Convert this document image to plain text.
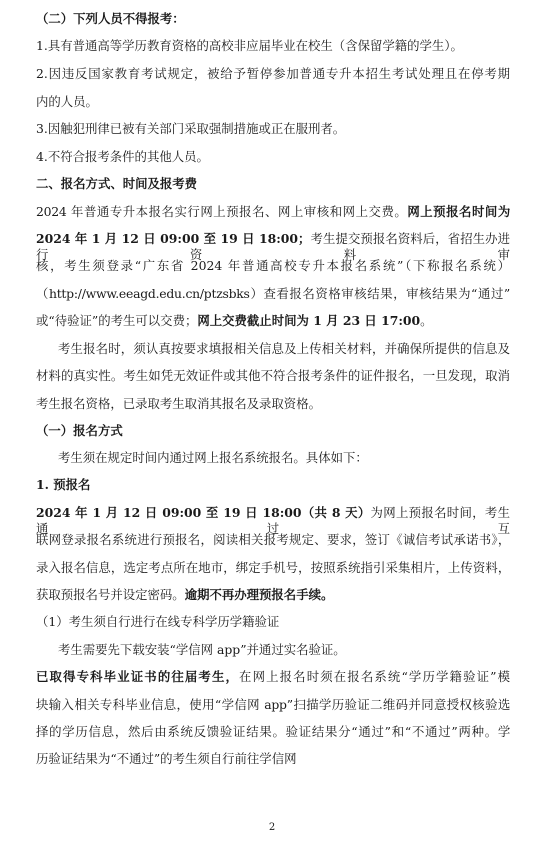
（二）下列人员不得报考：
1.具有普通高等学历教育资格的高校非应届毕业在校生（含保留学籍的学生）。
2.因违反国家教育考试规定，被给予暂停参加普通专升本招生考试处理且在停考期
内的人员。
3.因触犯刑律已被有关部门采取强制措施或正在服刑者。
4.不符合报考条件的其他人员。
二、报名方式、时间及报考费
2024 年普通专升本报名实行网上预报名、网上审核和网上交费。网上预报名时间为
2024 年 1 月 12 日 09:00 至 19 日 18:00；考生提交预报名资料后，省招生办进行资料审
核，考生须登录“广东省 2024 年普通高校专升本报名系统”（下称报名系统）
（http://www.eeagd.edu.cn/ptzsbks）查看报名资格审核结果，审核结果为“通过”
或“待验证”的考生可以交费；网上交费截止时间为 1 月 23 日 17:00。
考生报名时，须认真按要求填报相关信息及上传相关材料，并确保所提供的信息及
材料的真实性。考生如凭无效证件或其他不符合报考条件的证件报名，一旦发现，取消
考生报名资格，已录取考生取消其报名及录取资格。
（一）报名方式
考生须在规定时间内通过网上报名系统报名。具体如下：
1. 预报名
2024 年 1 月 12 日 09:00 至 19 日 18:00（共 8 天）为网上预报名时间，考生通过互
联网登录报名系统进行预报名，阅读相关报考规定、要求，签订《诚信考试承诺书》，
录入报名信息，选定考点所在地市，绑定手机号，按照系统指引采集相片，上传资料，
获取预报名号并设定密码。逾期不再办理预报名手续。
（1）考生须自行进行在线专科学历学籍验证
考生需要先下载安装“学信网 app”并通过实名验证。
已取得专科毕业证书的往届考生，在网上报名时须在报名系统“学历学籍验证”模
块输入相关专科毕业信息，使用“学信网 app”扫描学历验证二维码并同意授权核验选
择的学历信息，然后由系统反馈验证结果。验证结果分“通过”和“不通过”两种。学
历验证结果为“不通过”的考生须自行前往学信网
2
